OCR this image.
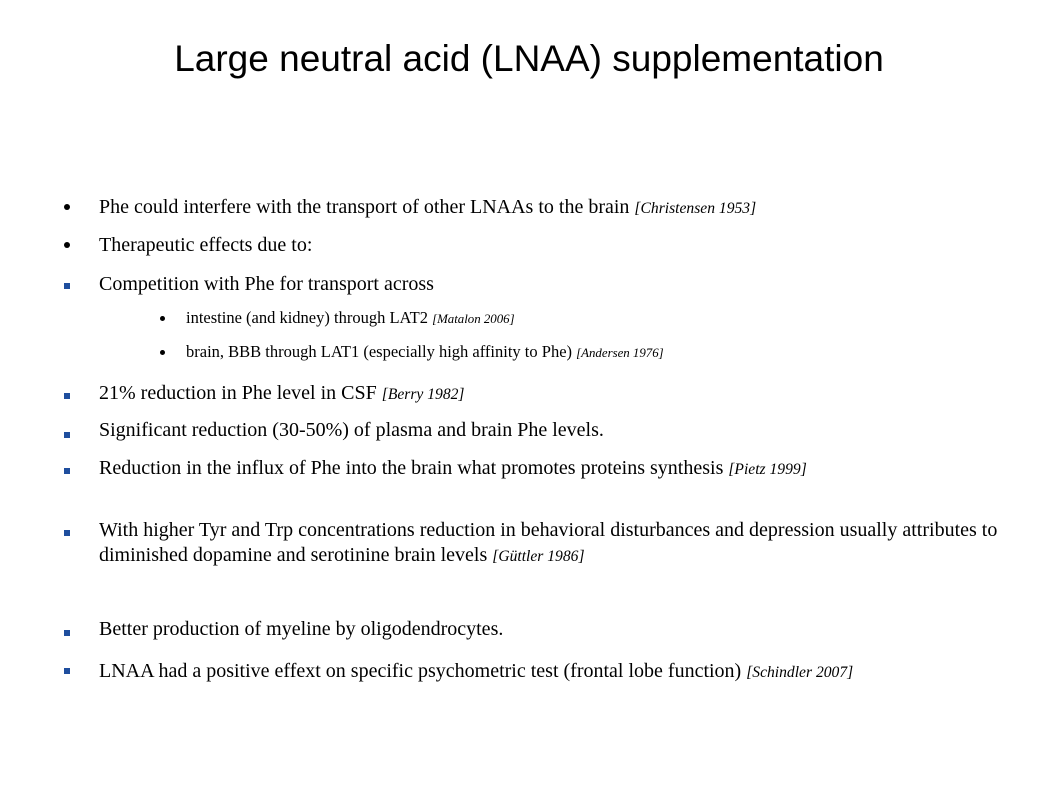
Large neutral acid (LNAA) supplementation
Phe could interfere with the transport of other LNAAs to the brain [Christensen 1953]
Therapeutic effects due to:
Competition with Phe for transport across
intestine (and kidney) through LAT2 [Matalon 2006]
brain, BBB through LAT1 (especially high affinity to Phe) [Andersen 1976]
21% reduction in Phe level in CSF [Berry 1982]
Significant reduction (30-50%) of plasma and brain Phe levels.
Reduction in the influx of Phe into the brain what promotes proteins synthesis [Pietz 1999]
With higher Tyr and Trp concentrations reduction in behavioral disturbances and depression usually attributes to diminished dopamine and serotinine brain levels [Güttler 1986]
Better production of myeline by oligodendrocytes.
LNAA had a positive effext on specific psychometric test (frontal lobe function) [Schindler 2007]
